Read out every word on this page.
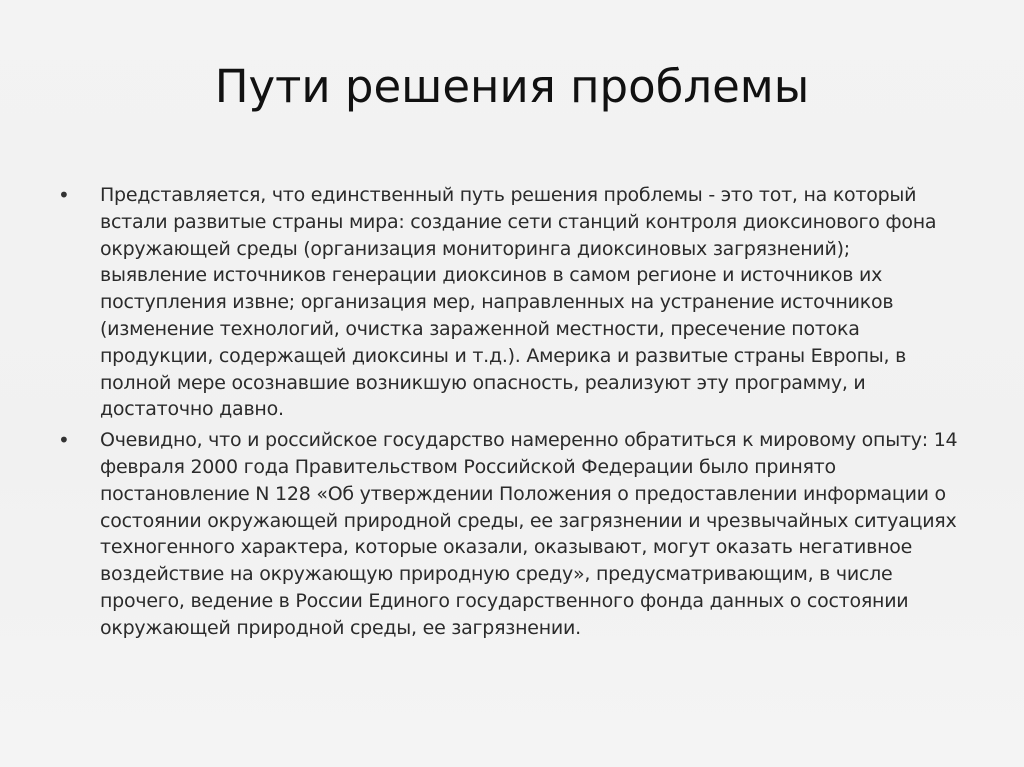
Пути решения проблемы
• Представляется, что единственный путь решения проблемы - это тот, на который встали развитые страны мира: создание сети станций контроля диоксинового фона окружающей среды (организация мониторинга диоксиновых загрязнений); выявление источников генерации диоксинов в самом регионе и источников их поступления извне; организация мер, направленных на устранение источников (изменение технологий, очистка зараженной местности, пресечение потока продукции, содержащей диоксины и т.д.). Америка и развитые страны Европы, в полной мере осознавшие возникшую опасность, реализуют эту программу, и достаточно давно.

• Очевидно, что и российское государство намеренно обратиться к мировому опыту: 14 февраля 2000 года Правительством Российской Федерации было принято постановление N 128 «Об утверждении Положения о предоставлении информации о состоянии окружающей природной среды, ее загрязнении и чрезвычайных ситуациях техногенного характера, которые оказали, оказывают, могут оказать негативное воздействие на окружающую природную среду», предусматривающим, в числе прочего, ведение в России Единого государственного фонда данных о состоянии окружающей природной среды, ее загрязнении.
